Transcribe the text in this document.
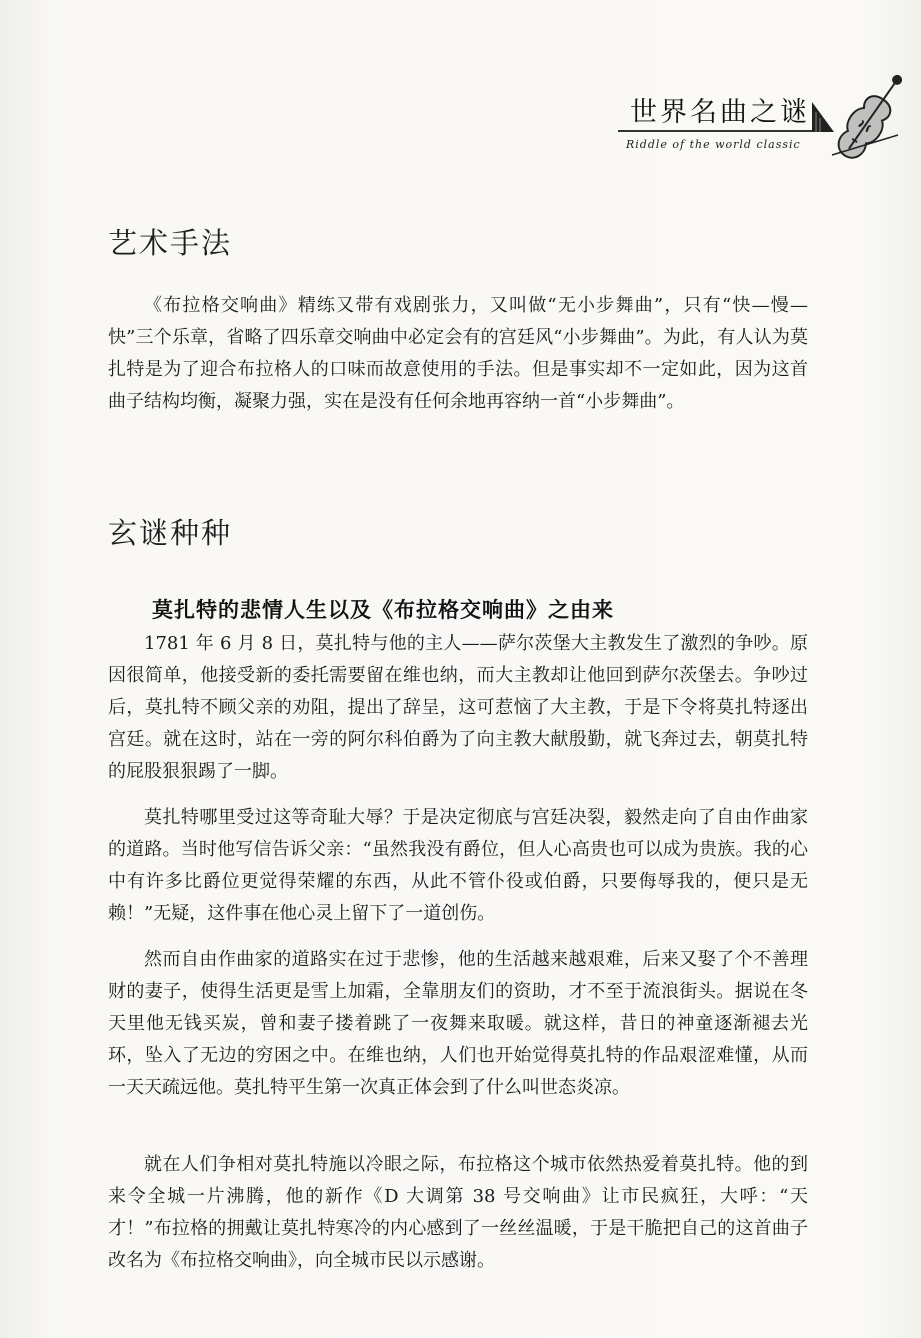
世界名曲之谜
Riddle of the world classic
艺术手法

《布拉格交响曲》精练又带有戏剧张力，又叫做“无小步舞曲”，只有“快—慢—快”三个乐章，省略了四乐章交响曲中必定会有的宫廷风“小步舞曲”。为此，有人认为莫扎特是为了迎合布拉格人的口味而故意使用的手法。但是事实却不一定如此，因为这首曲子结构均衡，凝聚力强，实在是没有任何余地再容纳一首“小步舞曲”。

玄谜种种
莫扎特的悲情人生以及《布拉格交响曲》之由来

1781 年 6 月 8 日，莫扎特与他的主人——萨尔茨堡大主教发生了激烈的争吵。原因很简单，他接受新的委托需要留在维也纳，而大主教却让他回到萨尔茨堡去。争吵过后，莫扎特不顾父亲的劝阻，提出了辞呈，这可惹恼了大主教，于是下令将莫扎特逐出宫廷。就在这时，站在一旁的阿尔科伯爵为了向主教大献殷勤，就飞奔过去，朝莫扎特的屁股狠狠踢了一脚。

莫扎特哪里受过这等奇耻大辱？于是决定彻底与宫廷决裂，毅然走向了自由作曲家的道路。当时他写信告诉父亲：“虽然我没有爵位，但人心高贵也可以成为贵族。我的心中有许多比爵位更觉得荣耀的东西，从此不管仆役或伯爵，只要侮辱我的，便只是无赖！”无疑，这件事在他心灵上留下了一道创伤。

然而自由作曲家的道路实在过于悲惨，他的生活越来越艰难，后来又娶了个不善理财的妻子，使得生活更是雪上加霜，全靠朋友们的资助，才不至于流浪街头。据说在冬天里他无钱买炭，曾和妻子搂着跳了一夜舞来取暖。就这样，昔日的神童逐渐褪去光环，坠入了无边的穷困之中。在维也纳，人们也开始觉得莫扎特的作品艰涩难懂，从而一天天疏远他。莫扎特平生第一次真正体会到了什么叫世态炎凉。

就在人们争相对莫扎特施以冷眼之际，布拉格这个城市依然热爱着莫扎特。他的到来令全城一片沸腾，他的新作《D 大调第 38 号交响曲》让市民疯狂，大呼：“天才！”布拉格的拥戴让莫扎特寒冷的内心感到了一丝丝温暖，于是干脆把自己的这首曲子改名为《布拉格交响曲》，向全城市民以示感谢。
